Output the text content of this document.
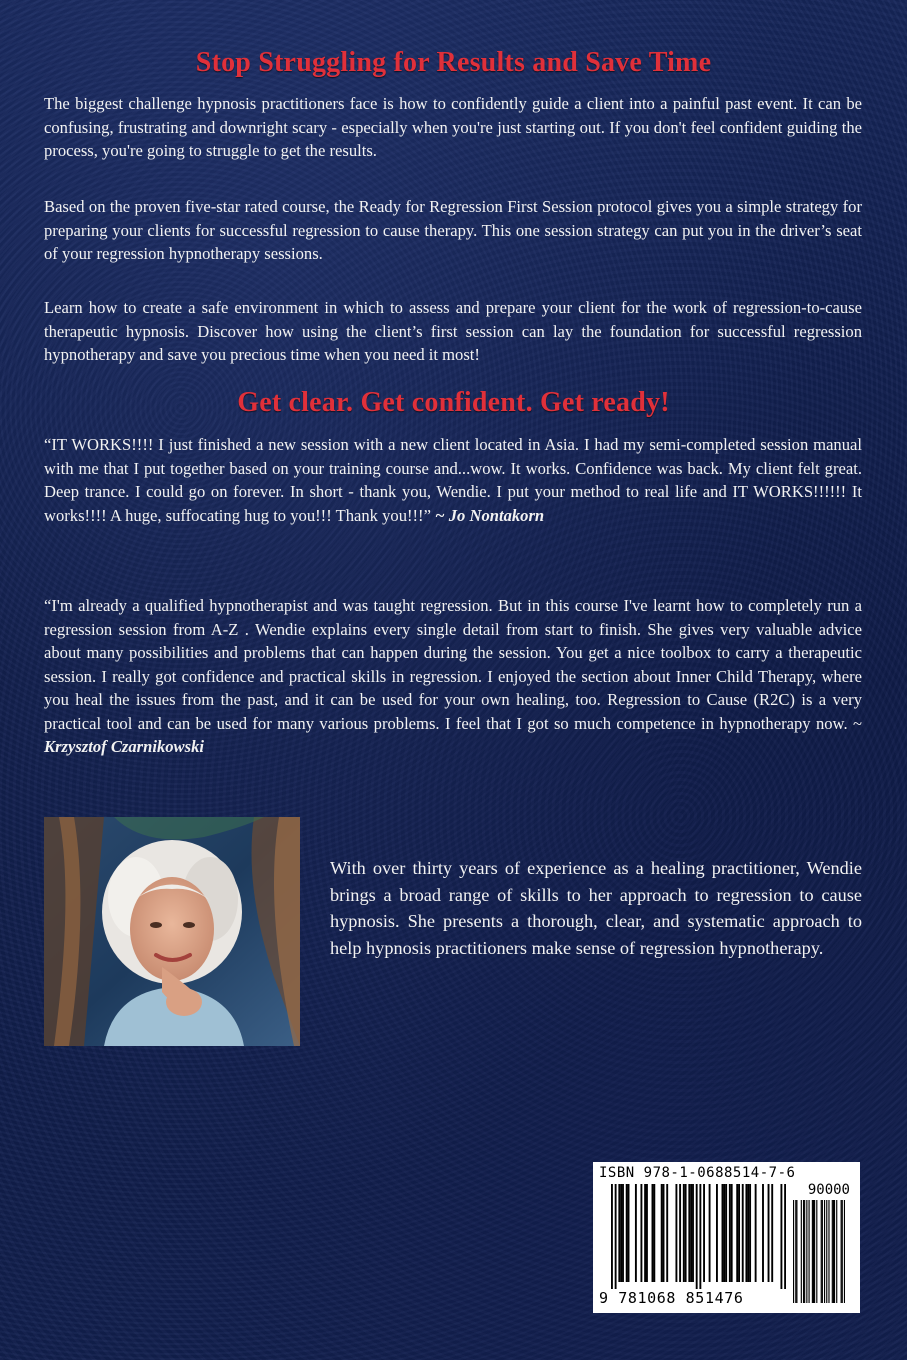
Stop Struggling for Results and Save Time

The biggest challenge hypnosis practitioners face is how to confidently guide a client into a painful past event. It can be confusing, frustrating and downright scary - especially when you're just starting out. If you don't feel confident guiding the process, you're going to struggle to get the results.

Based on the proven five-star rated course, the Ready for Regression First Session protocol gives you a simple strategy for preparing your clients for successful regression to cause therapy. This one session strategy can put you in the driver’s seat of your regression hypnotherapy sessions.

Learn how to create a safe environment in which to assess and prepare your client for the work of regression-to-cause therapeutic hypnosis. Discover how using the client’s first session can lay the foundation for successful regression hypnotherapy and save you precious time when you need it most!

Get clear. Get confident. Get ready!

“IT WORKS!!!! I just finished a new session with a new client located in Asia. I had my semi-completed session manual with me that I put together based on your training course and...wow. It works. Confidence was back. My client felt great. Deep trance. I could go on forever. In short - thank you, Wendie. I put your method to real life and IT WORKS!!!!!! It works!!!! A huge, suffocating hug to you!!! Thank you!!!” ~ Jo Nontakorn

“I'm already a qualified hypnotherapist and was taught regression. But in this course I've learnt how to completely run a regression session from A-Z . Wendie explains every single detail from start to finish. She gives very valuable advice about many possibilities and problems that can happen during the session. You get a nice toolbox to carry a therapeutic session. I really got confidence and practical skills in regression. I enjoyed the section about Inner Child Therapy, where you heal the issues from the past, and it can be used for your own healing, too. Regression to Cause (R2C) is a very practical tool and can be used for many various problems. I feel that I got so much competence in hypnotherapy now. ~ Krzysztof Czarnikowski

With over thirty years of experience as a healing practitioner, Wendie brings a broad range of skills to her approach to regression to cause hypnosis. She presents a thorough, clear, and systematic approach to help hypnosis practitioners make sense of regression hypnotherapy.

ISBN 978-1-0688514-7-6
90000
9 781068 851476
